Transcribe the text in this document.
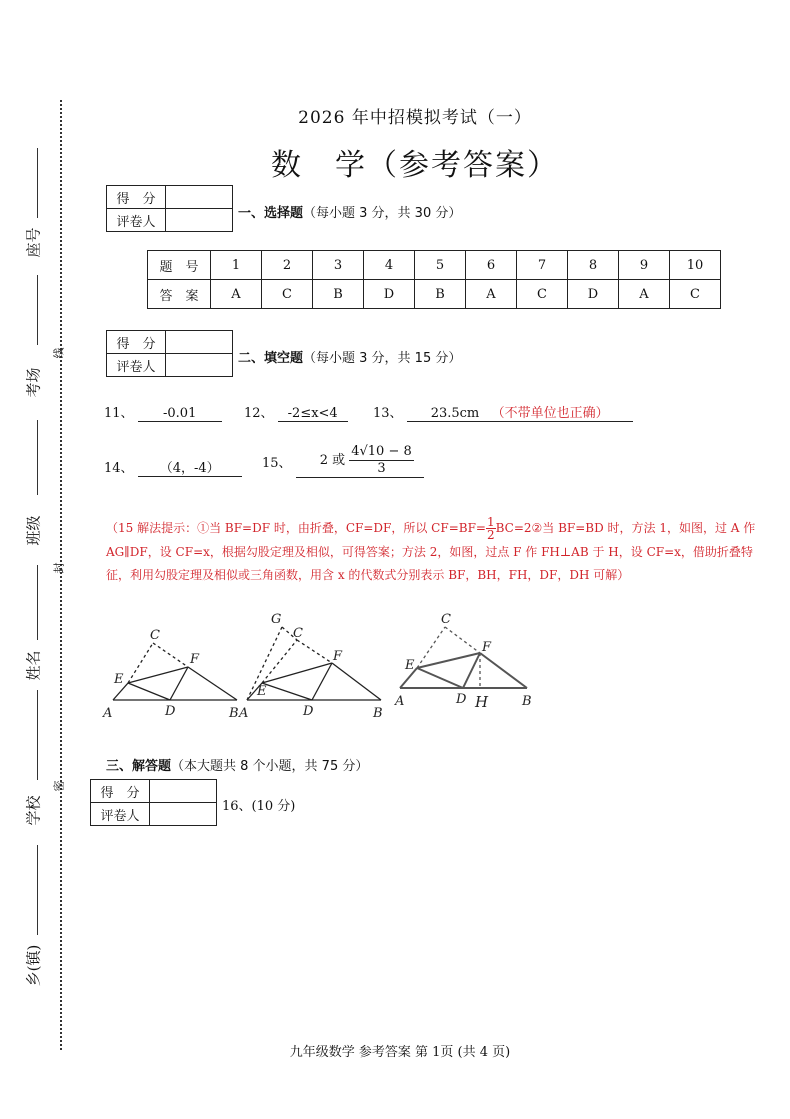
座号
考场
班级
姓名
学校
乡(镇)
线
封
密
2026 年中招模拟考试（一）
数　学（参考答案）
得　分	
评卷人	
一、选择题（每小题 3 分，共 30 分）
题　号	1	2	3	4	5	6	7	8	9	10
答　案	A	C	B	D	B	A	C	D	A	C
得　分	
评卷人	
二、填空题（每小题 3 分，共 15 分）
11、 -0.01	12、 -2≤x<4	13、 23.5cm （不带单位也正确）
14、 （4，-4）	15、 2 或 $\frac{4√10 - 8}{3}$
（15 解法提示：①当 BF=DF 时，由折叠，CF=DF，所以 $CF=BF= \frac{1}{2}$ BC=2②当 BF=BD 时，方法 1，如图，过 A 作 AG∥DF，设 CF=x，根据勾股定理及相似，可得答案；方法 2，如图，过点 F 作 FH⊥AB 于 H，设 CF=x，借助折叠特征，利用勾股定理及相似或三角函数，用含 x 的代数式分别表示 BF，BH，FH，DF，DH 可解）
A	B
C
D
E
F
A	B
C
D
E
F
G
A	B
C
D
E
F
H
三、解答题（本大题共 8 个小题，共 75 分）
得　分	
评卷人	
16、(10 分)
九年级数学 参考答案 第 1页 (共 4 页)
